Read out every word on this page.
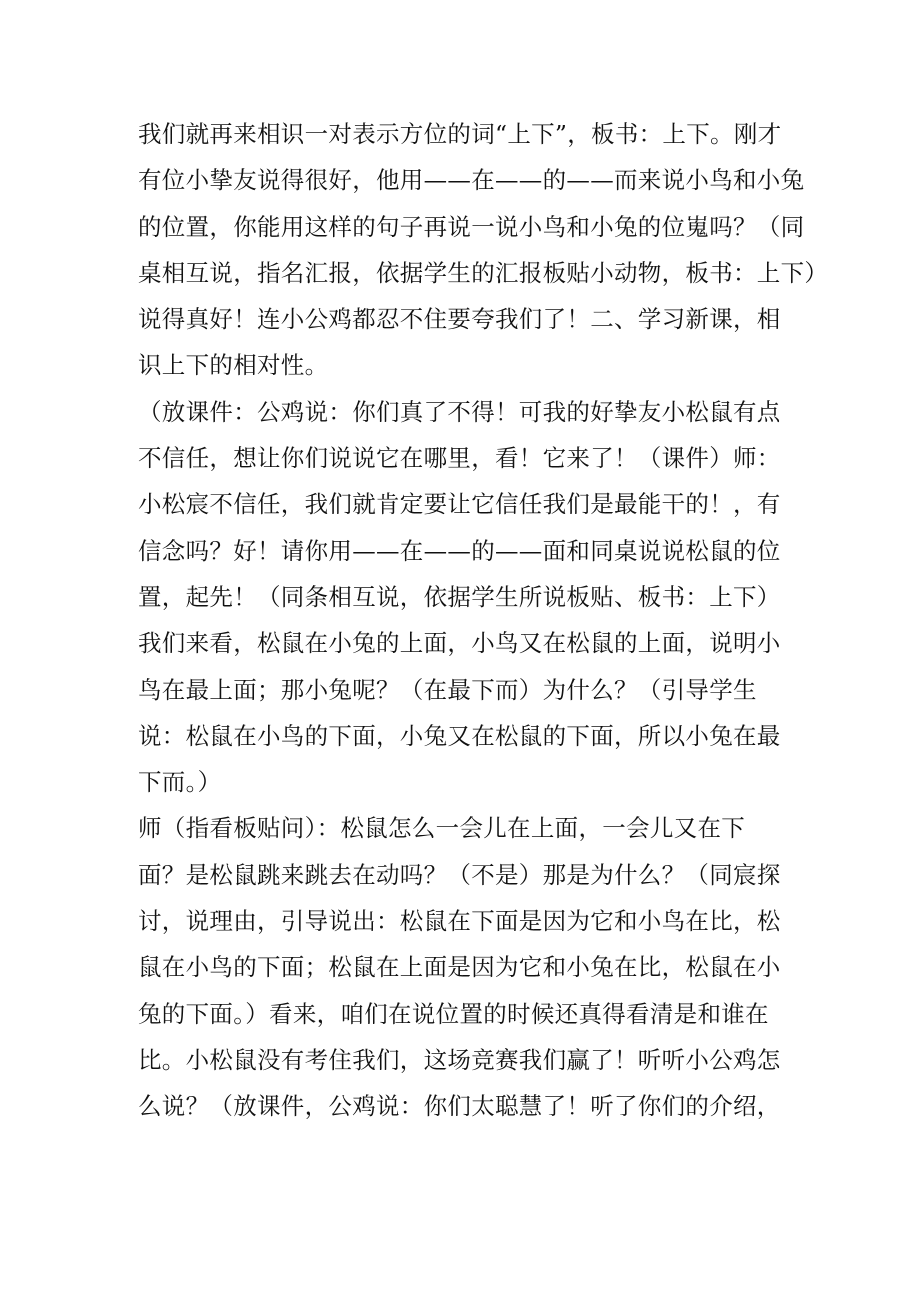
我们就再来相识一对表示方位的词“上下”，板书：上下。刚才
有位小挚友说得很好，他用——在——的——而来说小鸟和小兔
的位置，你能用这样的句子再说一说小鸟和小兔的位嵬吗？（同
桌相互说，指名汇报，依据学生的汇报板贴小动物，板书：上下）
说得真好！连小公鸡都忍不住要夸我们了！二、学习新课，相
识上下的相对性。
（放课件：公鸡说：你们真了不得！可我的好挚友小松鼠有点
不信任，想让你们说说它在哪里，看！它来了！（课件）师：
小松宸不信任，我们就肯定要让它信任我们是最能干的！，有
信念吗？好！请你用——在——的——面和同桌说说松鼠的位
置，起先！（同条相互说，依据学生所说板贴、板书：上下）
我们来看，松鼠在小兔的上面，小鸟又在松鼠的上面，说明小
鸟在最上面；那小兔呢？（在最下而）为什么？（引导学生
说：松鼠在小鸟的下面，小兔又在松鼠的下面，所以小兔在最
下而。）
师（指看板贴问）：松鼠怎么一会儿在上面，一会儿又在下
面？是松鼠跳来跳去在动吗？（不是）那是为什么？（同宸探
讨，说理由，引导说出：松鼠在下面是因为它和小鸟在比，松
鼠在小鸟的下面；松鼠在上面是因为它和小兔在比，松鼠在小
兔的下面。）看来，咱们在说位置的时候还真得看清是和谁在
比。小松鼠没有考住我们，这场竞赛我们赢了！听听小公鸡怎
么说？（放课件，公鸡说：你们太聪慧了！听了你们的介绍，
